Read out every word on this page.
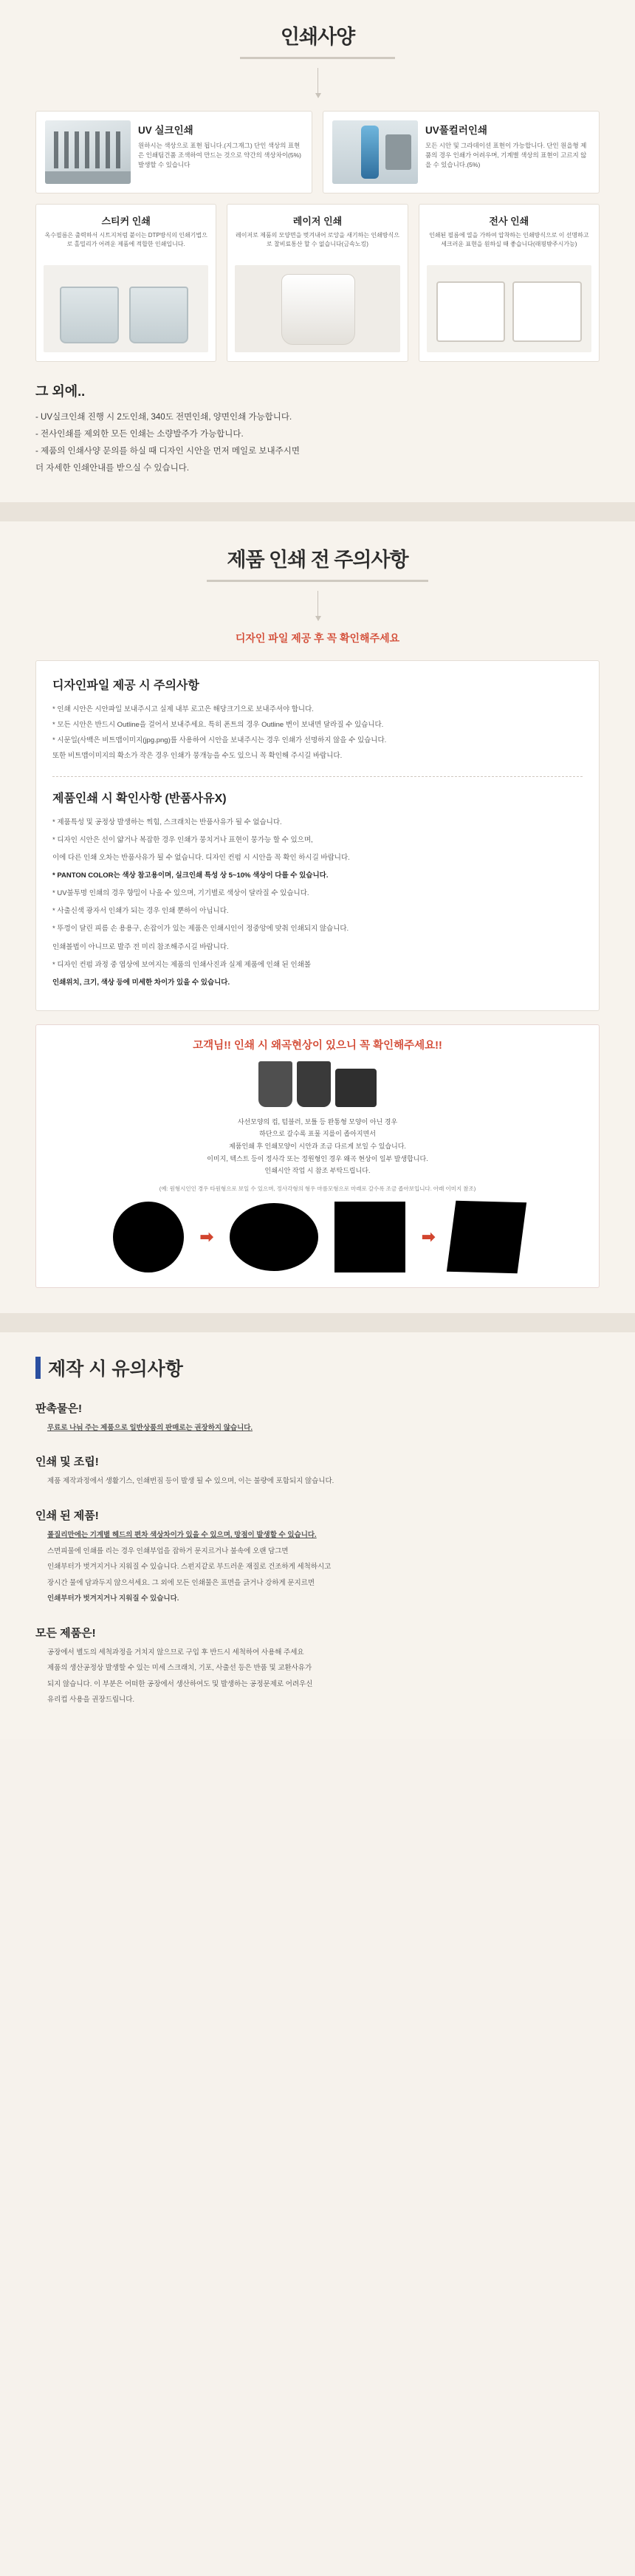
인쇄사양
UV 실크인쇄
원하시는 색상으로 표현 됩니다.(지그재그) 단인 색상의 표현은 인쇄팀건품 조색하여 만드는 것으로 약간의 색상차이(5%) 발생할 수 있습니다
UV풀컬러인쇄
모든 시안 및 그라데이션 표현이 가능합니다. 단인 원을형 제품의 경우 인쇄가 어려우며, 기계별 색상의 표현이 고르지 않을 수 있습니다.(5%)
스티커 인쇄
옥수필름은 출력하서 시트지처럼 붙이는 DTP방식의 인쇄기법으로 홀밀리가 어려운 제품에 적합한 인쇄입니다.
레이저 인쇄
레이저로 제품의 모양면을 벗겨내어 로앙을 새기하는 인쇄방식으로 찰비료통산 할 수 없습니다(금속노킹)
전사 인쇄
인쇄된 필름에 열을 가하여 압착하는 인쇄방식으로 이 선명하고 세크러운 표현을 원하실 때 좋습니다(래핑밖주시가능)
그 외에..
- UV실크인쇄 진행 시 2도인쇄, 340도 전면인쇄, 양면인쇄 가능합니다.
- 전사인쇄를 제외한 모든 인쇄는 소량발주가 가능합니다.
- 제품의 인쇄사양 문의를 하실 때 디자인 시안을 먼저 메일로 보내주시면
더 자세한 인쇄안내를 받으실 수 있습니다.
제품 인쇄 전 주의사항
디자인 파일 제공 후 꼭 확인해주세요
디자인파일 제공 시 주의사항

* 인쇄 시안은 시안파일 보내주시고 실제 내부 로고은 해당크기으로 보내주셔야 합니다.

* 모든 시안은 반드시 Outline을 걸어서 보내주세요. 특히 폰트의 경우 Outline 변이 보내면 달라질 수 있습니다.

* 시문일(사백은 비트맵이미지(jpg.png)를 사용하여 시안을 보내주시는 경우 인쇄가 선명하지 않을 수 있습니다.

또한 비트맵이미지의 확소가 작은 경우 인쇄가 뭉개능을 수도 있으니 꼭 확인해 주시길 바랍니다.

제품인쇄 시 확인사항 (반품사유X)

* 제품특성 및 공정상 발생하는 찍힘, 스크래치는 반품사유가 될 수 없습니다.

* 디자인 시안은 선이 얇거나 복잡한 경우 인쇄가 뭉치거나 표현이 뭉가능 할 수 있으며,

이에 다른 인쇄 오차는 반품사유가 될 수 없습니다. 디자인 컨펌 시 시안을 꼭 확인 하시길 바랍니다.

* PANTON COLOR는 색상 참고용이며, 실크인쇄 특성 상 5~10% 색상이 다를 수 있습니다.

* UV불투명 인쇄의 경우 향밀이 나올 수 있으며, 기기별로 색상이 달라질 수 있습니다.

* 사출신색 광자서 인쇄가 되는 경우 인쇄 뿐하이 아닙니다.

* 뚜껑이 달린 피름 손 용용구, 손잡이가 있는 제품은 인쇄시인이 정중앙에 맞춰 인쇄되지 않습니다.

인쇄볼법이 아니므로 발주 전 미리 참조해주시길 바랍니다.

* 디자인 컨펌 과정 중 엽상에 보여지는 제품의 인쇄사진과 실제 제품에 인쇄 된 인쇄볼

인쇄위치, 크기, 색상 등에 미세한 차이가 있을 수 있습니다.

고객님!! 인쇄 시 왜곡현상이 있으니 꼭 확인해주세요!!
사선모양의 컵, 텀블러, 보틀 등 완통형 모양이 아닌 경우
하단으로 갈수록 표물 지를이 좁아지면서
제품인쇄 후 인쇄모양이 시안과 조금 다르게 보일 수 있습니다.
이미지, 텍스트 등이 정사각 또는 정원형인 경우 왜곡 현상이 일부 발생합니다.
인쇄시안 작업 시 참조 부탁드립니다.
(예: 원형시인인 경우 타원형으로 보일 수 있으며, 정사각형의 형우 마름모형으로 마래로 갈수록 조금 좁아보입니다. 아래 이미지 참조)
➡	➡
제작 시 유의사항
판촉물은!

무료로 나눠 주는 제품으로 일반상품의 판매로는 권장하지 않습니다.

인쇄 및 조립!

제품 제작과정에서 생활기스, 인쇄번짐 등이 발생 될 수 있으며, 이는 불량에 포함되지 않습니다.

인쇄 된 제품!

폴질리만에는 기계별 헤드의 편차 색상차이가 있을 수 있으며, 망점이 발생할 수 있습니다.

스면피물에 인쇄를 리는 경우 인쇄부업을 잡하거 문지르거나 불속에 오랜 담그면

인쇄부터가 벗겨지거나 지워질 수 있습니다. 스펀지같로 부드러운 재질로 건조하게 세척하시고

장시간 물에 담과두지 않으셔세요. 그 외에 모든 인쇄물은 표면을 긁거나 강하게 문지르면

인쇄부터가 벗겨지거나 지워질 수 있습니다.

모든 제품은!

공장에서 별도의 세척과정을 거치지 않으므로 구입 후 반드시 세척하여 사용해 주세요

제품의 생산공정상 발생할 수 있는 미세 스크래치, 기포, 사출선 등은 반품 및 교환사유가

되지 않습니다. 이 부분은 어떠한 공장에서 생산하여도 및 발생하는 공정문제로 어려우신

유리컵 사용을 권장드립니다.
